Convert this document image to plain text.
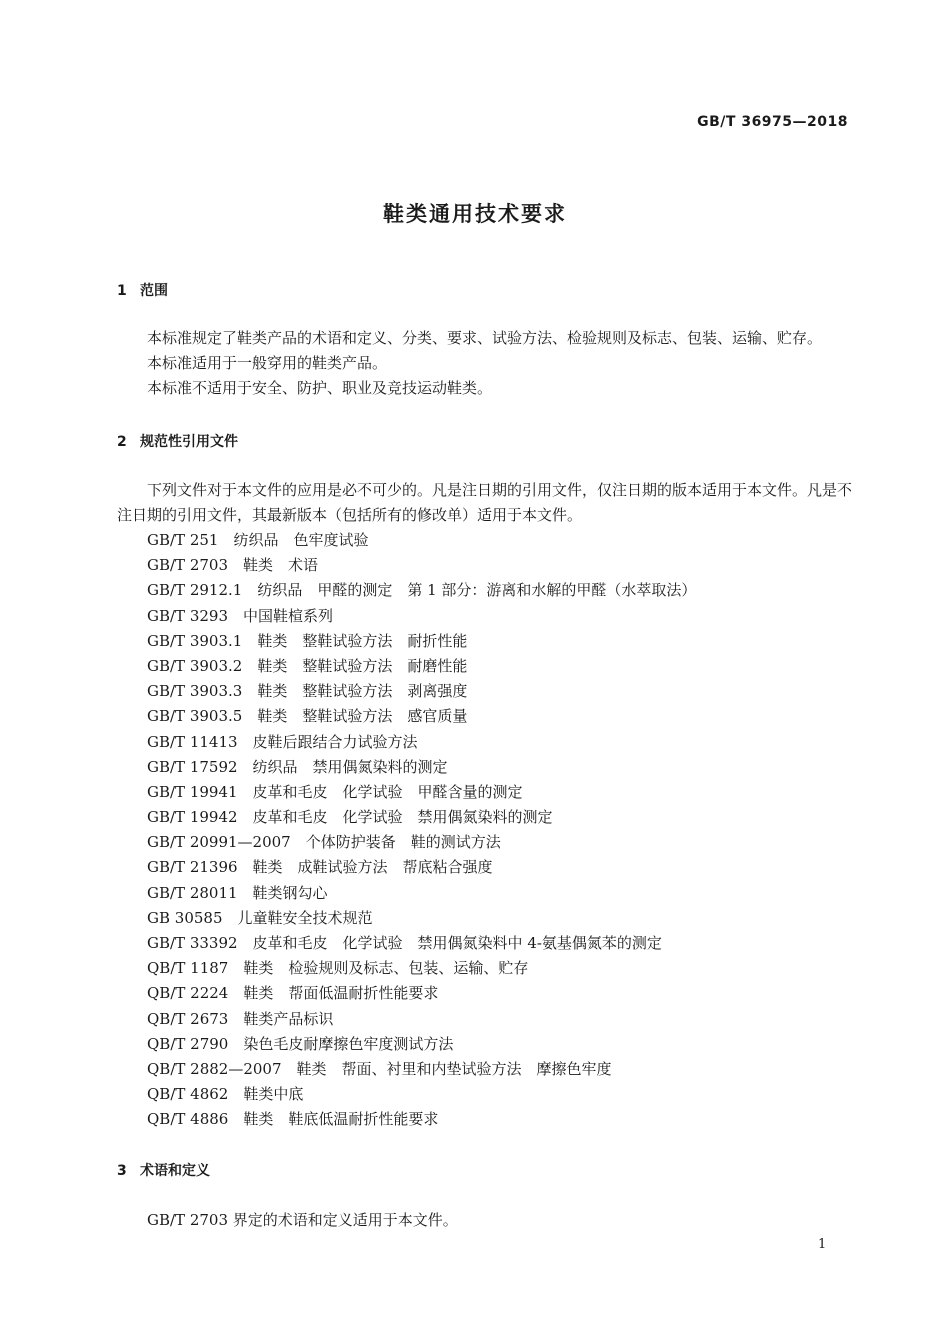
GB/T 36975—2018
鞋类通用技术要求
1 范围

本标准规定了鞋类产品的术语和定义、分类、要求、试验方法、检验规则及标志、包装、运输、贮存。

本标准适用于一般穿用的鞋类产品。

本标准不适用于安全、防护、职业及竞技运动鞋类。

2 规范性引用文件

下列文件对于本文件的应用是必不可少的。凡是注日期的引用文件，仅注日期的版本适用于本文件。凡是不注日期的引用文件，其最新版本（包括所有的修改单）适用于本文件。

GB/T 251　纺织品　色牢度试验
GB/T 2703　鞋类　术语
GB/T 2912.1　纺织品　甲醛的测定　第 1 部分：游离和水解的甲醛（水萃取法）
GB/T 3293　中国鞋楦系列
GB/T 3903.1　鞋类　整鞋试验方法　耐折性能
GB/T 3903.2　鞋类　整鞋试验方法　耐磨性能
GB/T 3903.3　鞋类　整鞋试验方法　剥离强度
GB/T 3903.5　鞋类　整鞋试验方法　感官质量
GB/T 11413　皮鞋后跟结合力试验方法
GB/T 17592　纺织品　禁用偶氮染料的测定
GB/T 19941　皮革和毛皮　化学试验　甲醛含量的测定
GB/T 19942　皮革和毛皮　化学试验　禁用偶氮染料的测定
GB/T 20991—2007　个体防护装备　鞋的测试方法
GB/T 21396　鞋类　成鞋试验方法　帮底粘合强度
GB/T 28011　鞋类钢勾心
GB 30585　儿童鞋安全技术规范
GB/T 33392　皮革和毛皮　化学试验　禁用偶氮染料中 4-氨基偶氮苯的测定
QB/T 1187　鞋类　检验规则及标志、包装、运输、贮存
QB/T 2224　鞋类　帮面低温耐折性能要求
QB/T 2673　鞋类产品标识
QB/T 2790　染色毛皮耐摩擦色牢度测试方法
QB/T 2882—2007　鞋类　帮面、衬里和内垫试验方法　摩擦色牢度
QB/T 4862　鞋类中底
QB/T 4886　鞋类　鞋底低温耐折性能要求
3 术语和定义

GB/T 2703 界定的术语和定义适用于本文件。

1
